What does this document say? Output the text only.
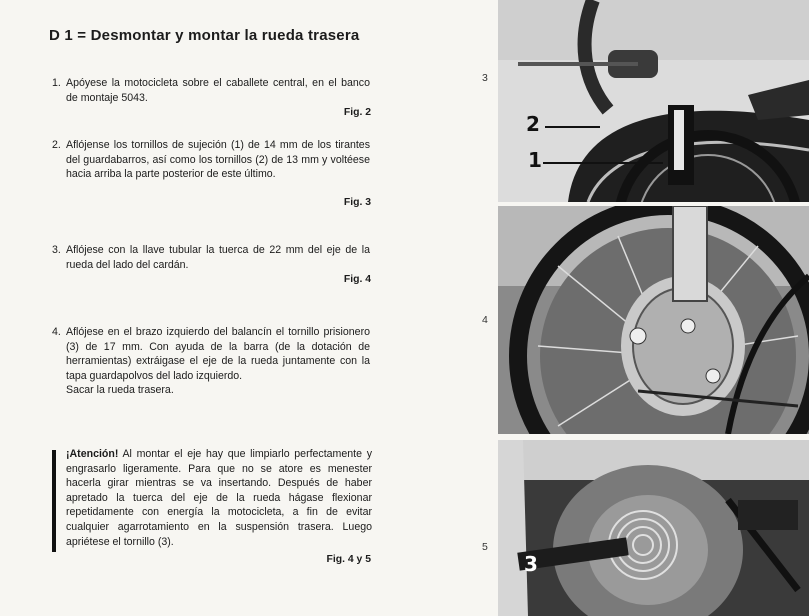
D 1 = Desmontar y montar la rueda trasera
1. Apóyese la motocicleta sobre el caballete central, en el banco de montaje 5043.
Fig. 2
2. Aflójense los tornillos de sujeción (1) de 14 mm de los tirantes del guardabarros, así como los tornillos (2) de 13 mm y voltéese hacia arriba la parte posterior de este último.
Fig. 3
3. Aflójese con la llave tubular la tuerca de 22 mm del eje de la rueda del lado del cardán.
Fig. 4
4. Aflójese en el brazo izquierdo del balancín el tornillo prisionero (3) de 17 mm. Con ayuda de la barra (de la dotación de herramientas) extráigase el eje de la rueda juntamente con la tapa guardapolvos del lado izquierdo.
Sacar la rueda trasera.
¡Atención! Al montar el eje hay que limpiarlo perfectamente y engrasarlo ligeramente. Para que no se atore es menester hacerla girar mientras se va insertando. Después de haber apretado la tuerca del eje de la rueda hágase flexionar repetidamente con energía la motocicleta, a fin de evitar cualquier agarrotamiento en la suspensión trasera. Luego apriétese el tornillo (3).
Fig. 4 y 5
3
4
5
2
1
3
